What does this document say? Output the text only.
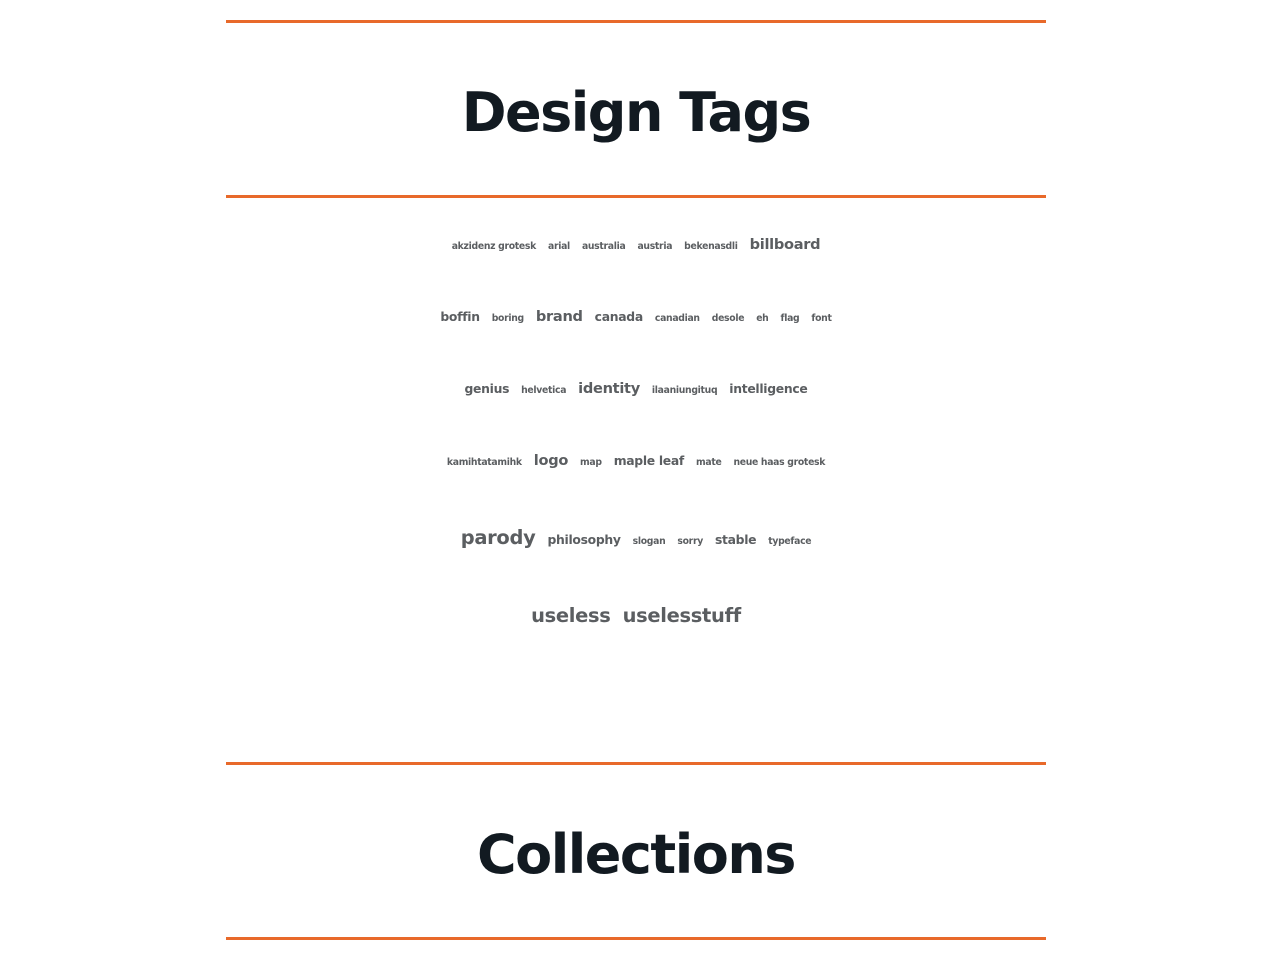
Design Tags
akzidenz grotesk arial australia austria bekenasdli billboard
boffin boring brand canada canadian desole eh flag font
genius helvetica identity ilaaniungituq intelligence
kamihtatamihk logo map maple leaf mate neue haas grotesk
parody philosophy slogan sorry stable typeface
useless uselesstuff
Collections
